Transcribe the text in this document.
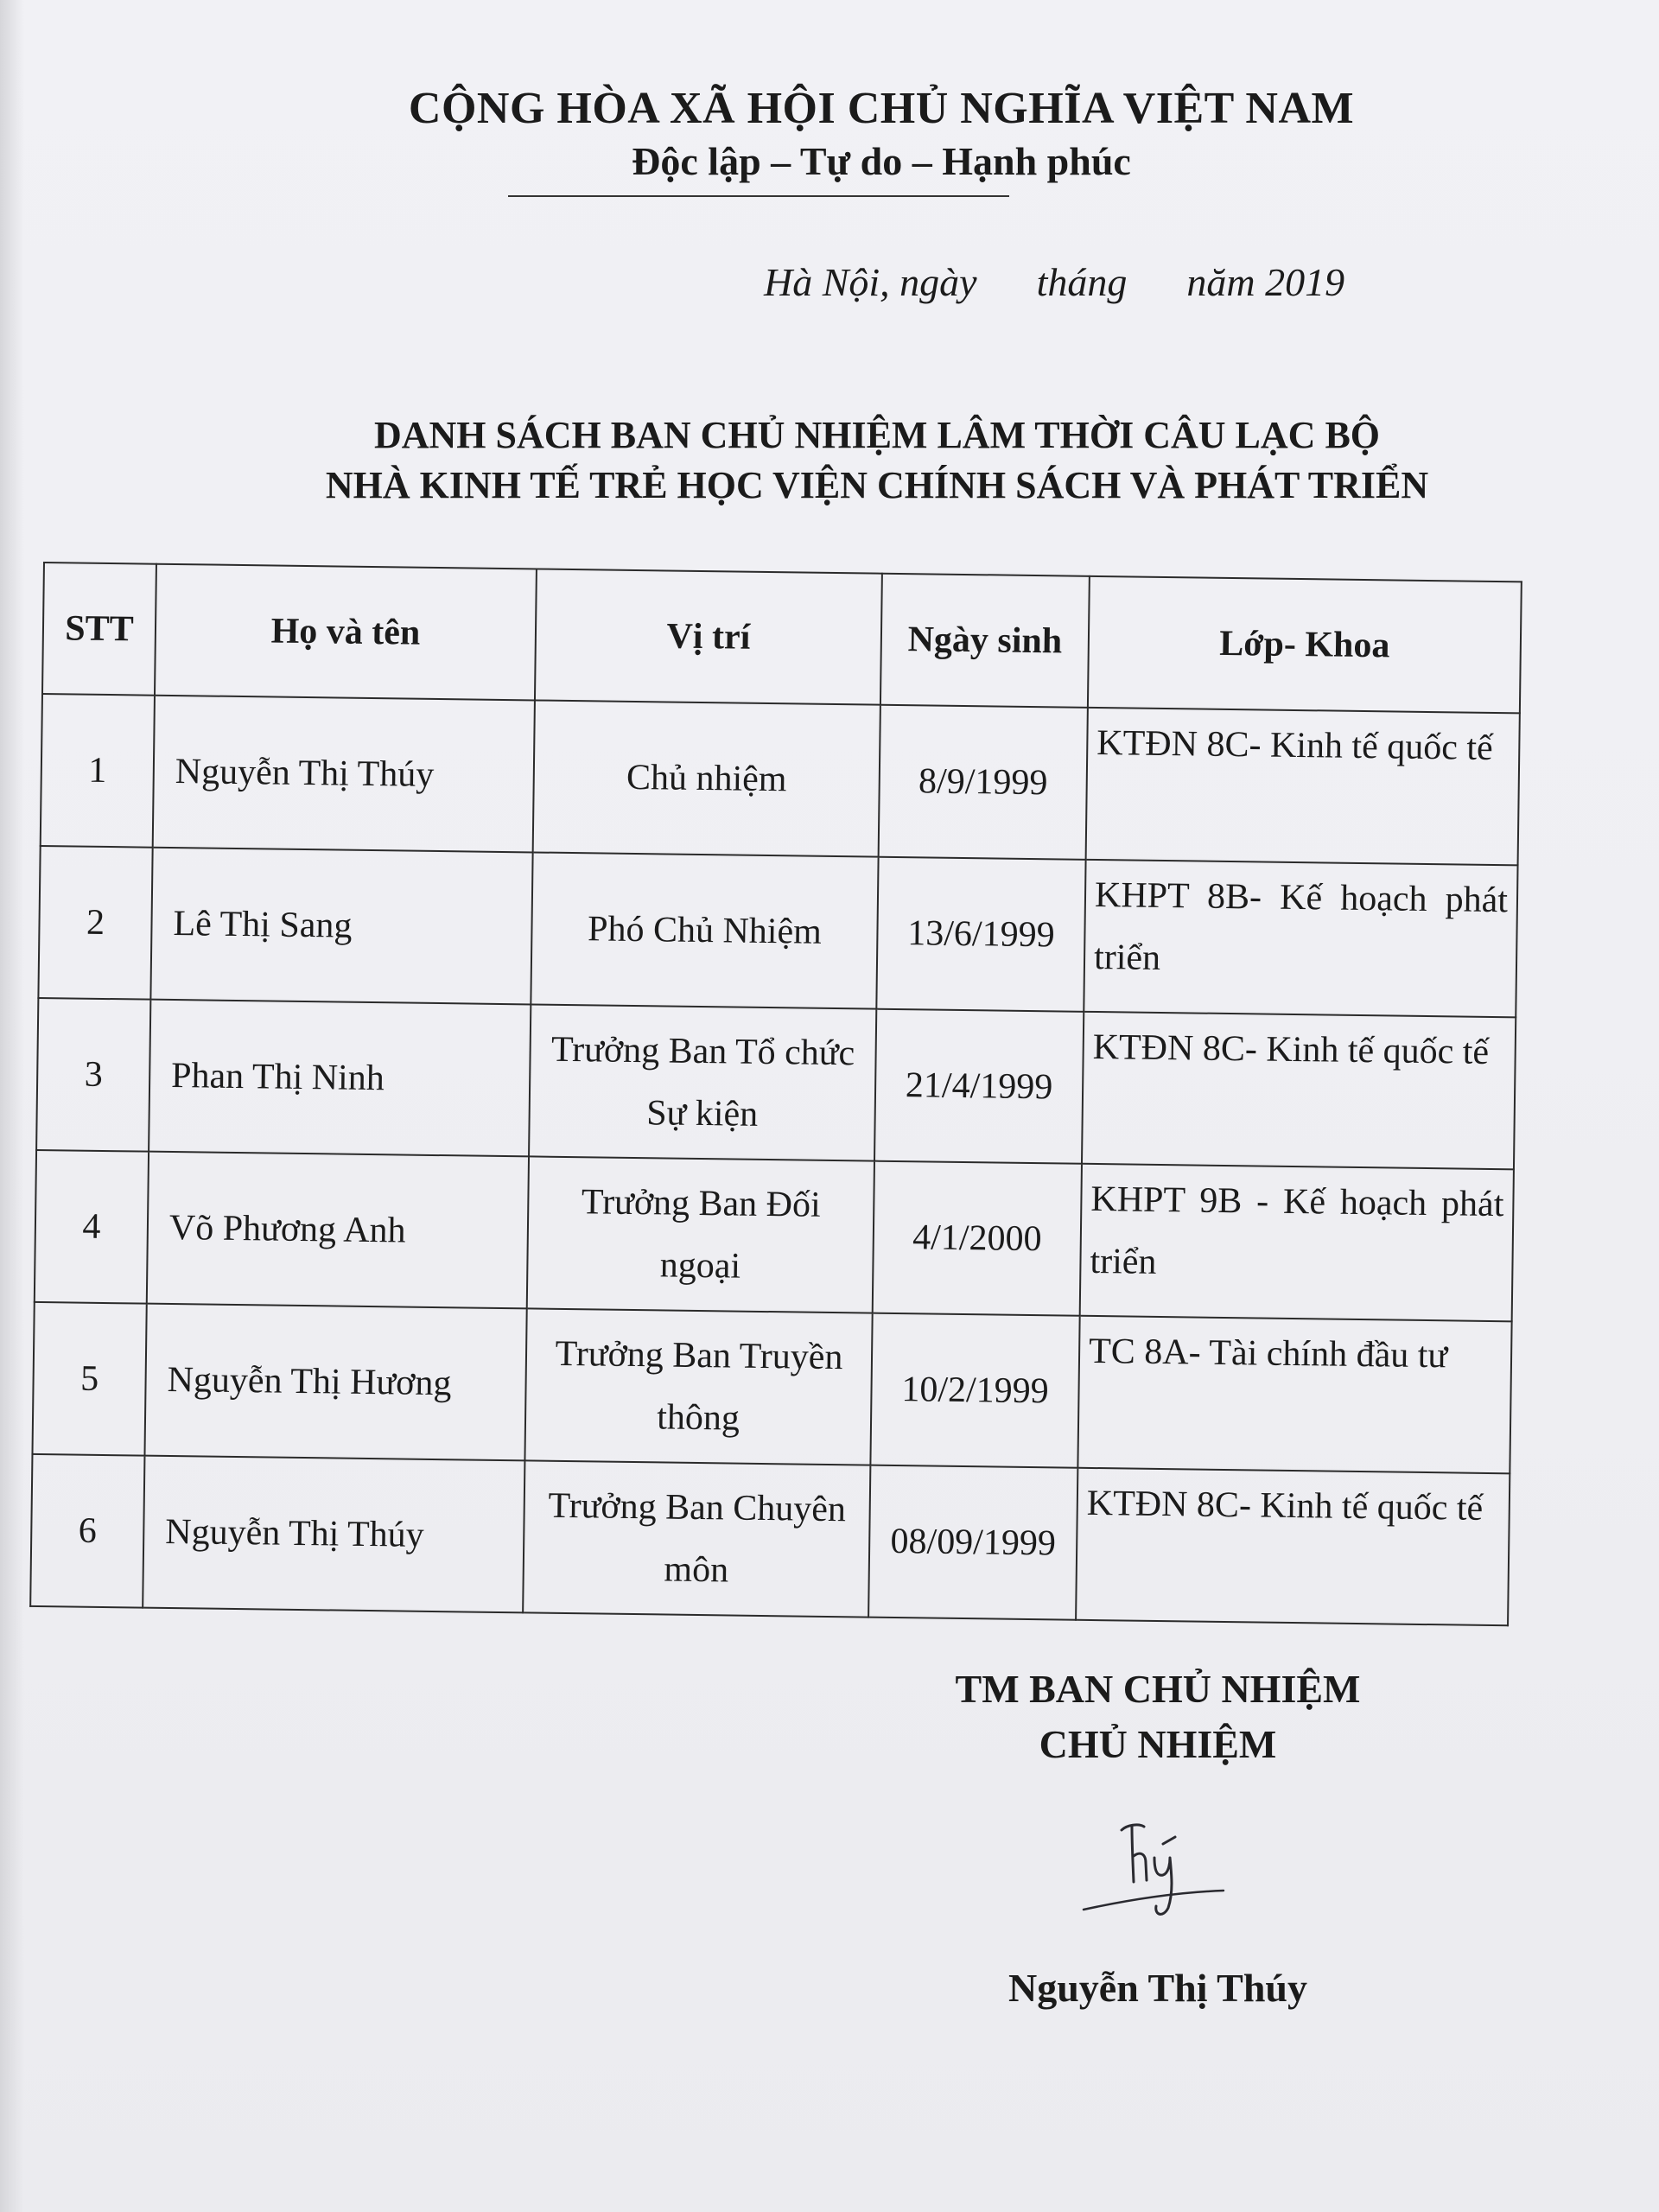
CỘNG HÒA XÃ HỘI CHỦ NGHĨA VIỆT NAM
Độc lập – Tự do – Hạnh phúc
Hà Nội, ngày      tháng      năm 2019
DANH SÁCH BAN CHỦ NHIỆM LÂM THỜI CÂU LẠC BỘ
NHÀ KINH TẾ TRẺ HỌC VIỆN CHÍNH SÁCH VÀ PHÁT TRIỂN
STT	Họ và tên	Vị trí	Ngày sinh	Lớp- Khoa
1	Nguyễn Thị Thúy	Chủ nhiệm	8/9/1999	KTĐN 8C- Kinh tế quốc tế
2	Lê Thị Sang	Phó Chủ Nhiệm	13/6/1999	KHPT 8B- Kế hoạch phát triển
3	Phan Thị Ninh	Trưởng Ban Tổ chức Sự kiện	21/4/1999	KTĐN 8C- Kinh tế quốc tế
4	Võ Phương Anh	Trưởng Ban Đối ngoại	4/1/2000	KHPT 9B - Kế hoạch phát triển
5	Nguyễn Thị Hương	Trưởng Ban Truyền thông	10/2/1999	TC 8A- Tài chính đầu tư
6	Nguyễn Thị Thúy	Trưởng Ban Chuyên môn	08/09/1999	KTĐN 8C- Kinh tế quốc tế
TM BAN CHỦ NHIỆM
CHỦ NHIỆM
Nguyễn Thị Thúy
